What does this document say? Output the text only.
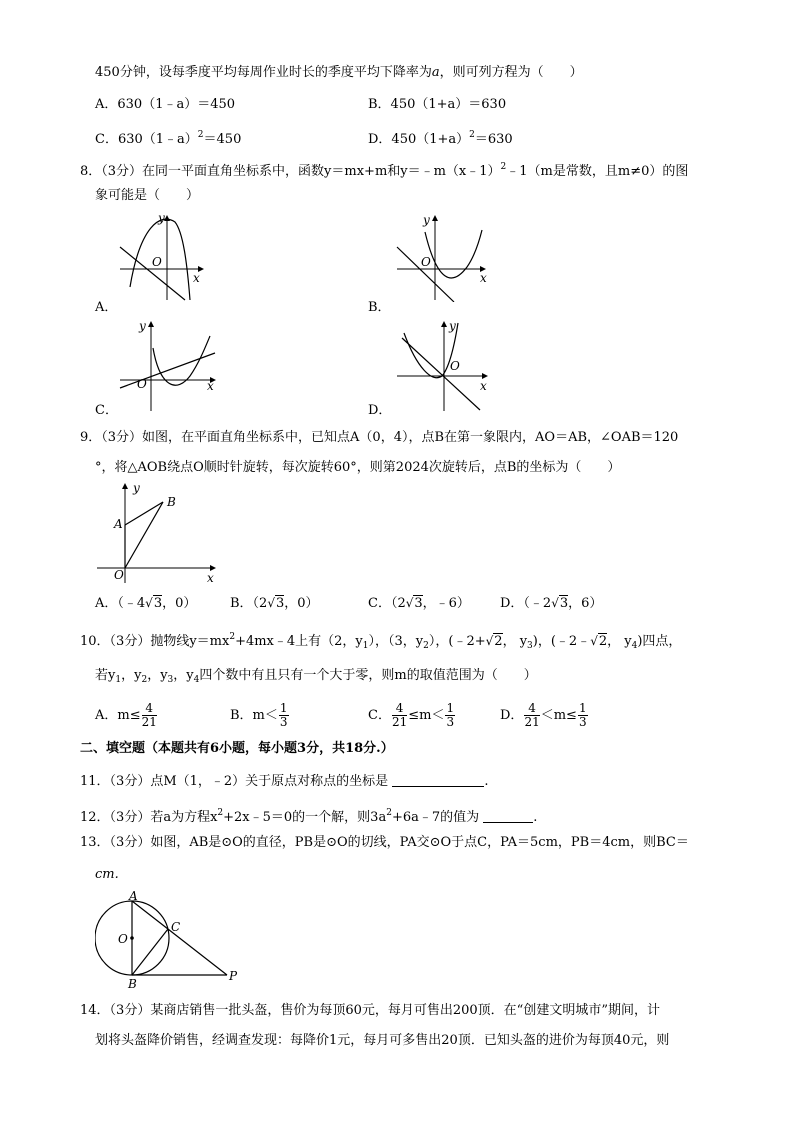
450分钟，设每季度平均每周作业时长的季度平均下降率为a，则可列方程为（　　）
A．630（1﹣a）＝450	B．450（1+a）＝630
C．630（1﹣a）$^2$＝450	D．$450(1+a)^2=630$
8．（3分）在同一平面直角坐标系中，函数y＝mx+m和y＝﹣m（x﹣1）$^2$﹣1（m是常数，且m≠0）的图
象可能是（　　）
y
O
x
A．
y
O
x
B．
y
O	x
C．
y
O
x
D．
9．（3分）如图，在平面直角坐标系中，已知点A（0，4），点B在第一象限内，AO＝AB，∠OAB＝120
°，将△AOB绕点O顺时针旋转，每次旋转60°，则第2024次旋转后，点B的坐标为（　　）
y
A
B
O	x
A．（﹣4√3，0）	B．（2√3，0）	C．（2√3，﹣6） D．（﹣2√3，6）
10．（3分）抛物线$y=mx^2+4mx﹣4$上有（2，$y_1$），（3，$y_2$），(﹣2+√2， $y_3$)，(﹣2﹣√2， $y_4$)四点，
若$y_1$，$y_2$，$y_3$，$y_4$四个数中有且只有一个大于零，则m的取值范围为（　　）
A．$m\le \frac{4}{21}$	B．$m< \frac{1}{3}$	C． $\frac{4}{21} \le m< \frac{1}{3}$	D． $\frac{4}{21} <m\le \frac{1}{3}$
二、填空题（本题共有6小题，每小题3分，共18分.）
11．（3分）点M（1，﹣2）关于原点对称点的坐标是	.
12．（3分）若a为方程$x^2+2x﹣5=0$的一个解，则$3a^2+6a﹣7$的值为	.
13．（3分）如图，AB是⊙O的直径，PB是⊙O的切线，PA交⊙O于点C，PA＝5cm，PB＝4cm，则BC＝
cm.
A
O
C
B
P
14．（3分）某商店销售一批头盔，售价为每顶60元，每月可售出200顶．在“创建文明城市”期间，计
划将头盔降价销售，经调查发现：每降价1元，每月可多售出20顶．已知头盔的进价为每顶40元，则
